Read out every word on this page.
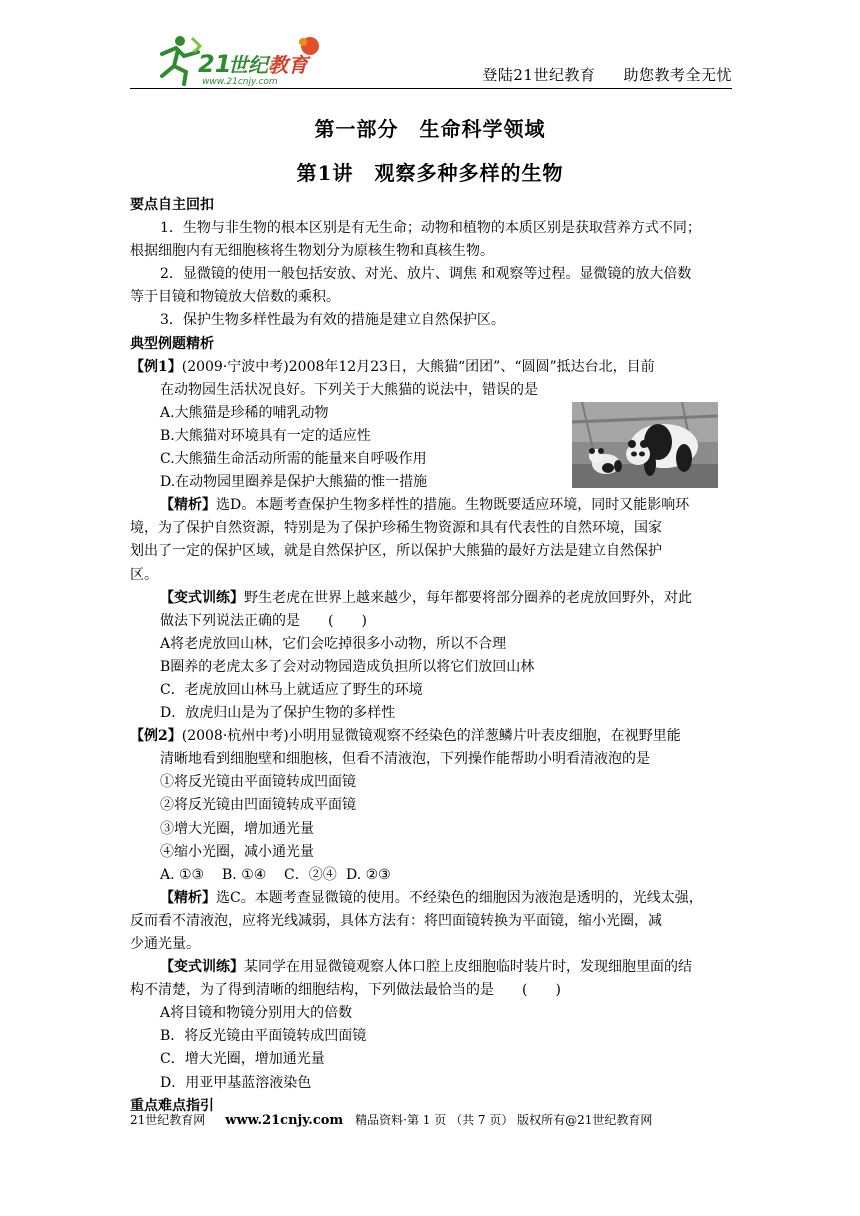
21
世纪 教育
www.21cnjy.com	登陆21世纪教育 助您教考全无忧
第一部分　生命科学领域
第1讲　观察多种多样的生物

要点自主回扣

1．生物与非生物的根本区别是有无生命；动物和植物的本质区别是获取营养方式不同；

根据细胞内有无细胞核将生物划分为原核生物和真核生物。

2．显微镜的使用一般包括安放、对光、放片、调焦 和观察等过程。显微镜的放大倍数

等于目镜和物镜放大倍数的乘积。

3．保护生物多样性最为有效的措施是建立自然保护区。

典型例题精析

【例1】(2009·宁波中考)2008年12月23日，大熊猫“团团”、“圆圆”抵达台北，目前

在动物园生活状况良好。下列关于大熊猫的说法中，错误的是

A.大熊猫是珍稀的哺乳动物

B.大熊猫对环境具有一定的适应性

C.大熊猫生命活动所需的能量来自呼吸作用

D.在动物园里圈养是保护大熊猫的惟一措施

【精析】选D。本题考查保护生物多样性的措施。生物既要适应环境，同时又能影响环

境，为了保护自然资源，特别是为了保护珍稀生物资源和具有代表性的自然环境，国家

划出了一定的保护区域，就是自然保护区，所以保护大熊猫的最好方法是建立自然保护

区。

【变式训练】野生老虎在世界上越来越少，每年都要将部分圈养的老虎放回野外，对此

做法下列说法正确的是　　(　　)

A将老虎放回山林，它们会吃掉很多小动物，所以不合理

B圈养的老虎太多了会对动物园造成负担所以将它们放回山林

C．老虎放回山林马上就适应了野生的环境

D．放虎归山是为了保护生物的多样性

【例2】(2008·杭州中考)小明用显微镜观察不经染色的洋葱鳞片叶表皮细胞，在视野里能

清晰地看到细胞壁和细胞核，但看不清液泡，下列操作能帮助小明看清液泡的是

①将反光镜由平面镜转成凹面镜

②将反光镜由凹面镜转成平面镜

③增大光圈，增加通光量

④缩小光圈，减小通光量

A. ①③ B. ①④ C．②④ D. ②③

【精析】选C。本题考查显微镜的使用。不经染色的细胞因为液泡是透明的，光线太强，

反而看不清液泡，应将光线减弱，具体方法有：将凹面镜转换为平面镜，缩小光圈，减

少通光量。

【变式训练】某同学在用显微镜观察人体口腔上皮细胞临时装片时，发现细胞里面的结

构不清楚，为了得到清晰的细胞结构，下列做法最恰当的是　　(　　)

A将目镜和物镜分别用大的倍数

B．将反光镜由平面镜转成凹面镜

C．增大光圈，增加通光量

D．用亚甲基蓝溶液染色

重点难点指引

21世纪教育网 www.21cnjy.com 精品资料·第 1 页 （共 7 页） 版权所有@21世纪教育网
